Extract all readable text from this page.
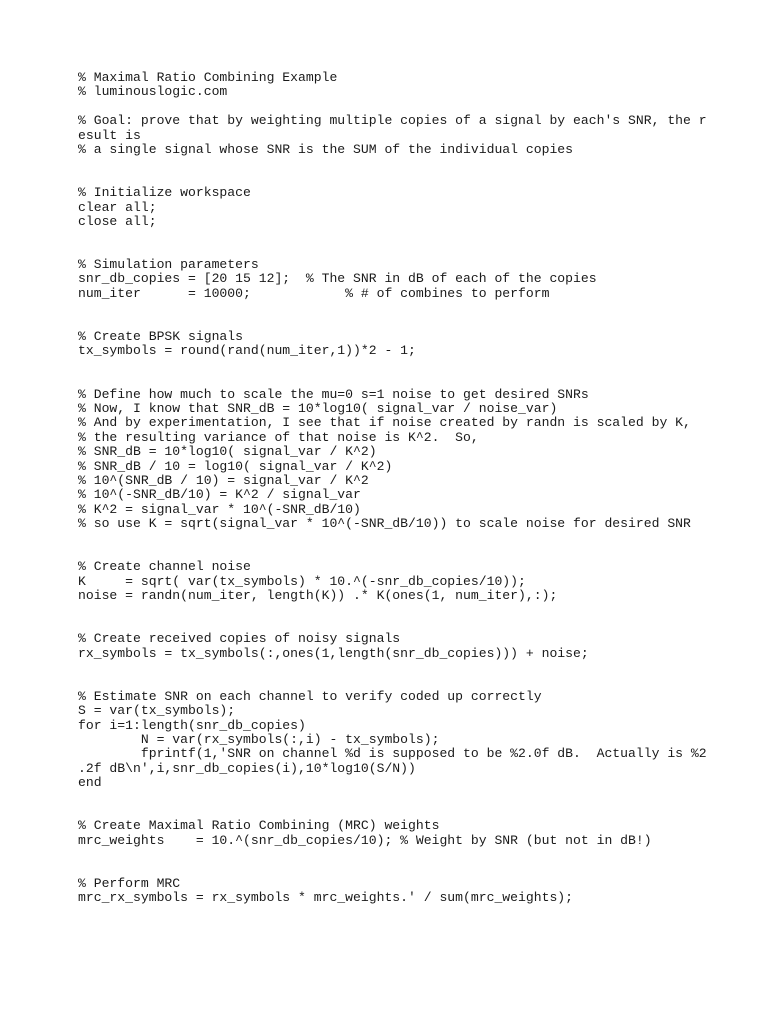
% Maximal Ratio Combining Example
% luminouslogic.com
% Goal: prove that by weighting multiple copies of a signal by each's SNR, the r
esult is
% a single signal whose SNR is the SUM of the individual copies
% Initialize workspace
clear all;
close all;
% Simulation parameters
snr_db_copies = [20 15 12];  % The SNR in dB of each of the copies
num_iter      = 10000;            % # of combines to perform
% Create BPSK signals
tx_symbols = round(rand(num_iter,1))*2 - 1;
% Define how much to scale the mu=0 s=1 noise to get desired SNRs
% Now, I know that SNR_dB = 10*log10( signal_var / noise_var)
% And by experimentation, I see that if noise created by randn is scaled by K,
% the resulting variance of that noise is K^2.  So,
% SNR_dB = 10*log10( signal_var / K^2)
% SNR_dB / 10 = log10( signal_var / K^2)
% 10^(SNR_dB / 10) = signal_var / K^2
% 10^(-SNR_dB/10) = K^2 / signal_var
% K^2 = signal_var * 10^(-SNR_dB/10)
% so use K = sqrt(signal_var * 10^(-SNR_dB/10)) to scale noise for desired SNR
% Create channel noise
K     = sqrt( var(tx_symbols) * 10.^(-snr_db_copies/10));
noise = randn(num_iter, length(K)) .* K(ones(1, num_iter),:);
% Create received copies of noisy signals
rx_symbols = tx_symbols(:,ones(1,length(snr_db_copies))) + noise;
% Estimate SNR on each channel to verify coded up correctly
S = var(tx_symbols);
for i=1:length(snr_db_copies)
N = var(rx_symbols(:,i) - tx_symbols);
fprintf(1,'SNR on channel %d is supposed to be %2.0f dB.  Actually is %2
.2f dB\n',i,snr_db_copies(i),10*log10(S/N))
end
% Create Maximal Ratio Combining (MRC) weights
mrc_weights    = 10.^(snr_db_copies/10); % Weight by SNR (but not in dB!)
% Perform MRC
mrc_rx_symbols = rx_symbols * mrc_weights.' / sum(mrc_weights);
